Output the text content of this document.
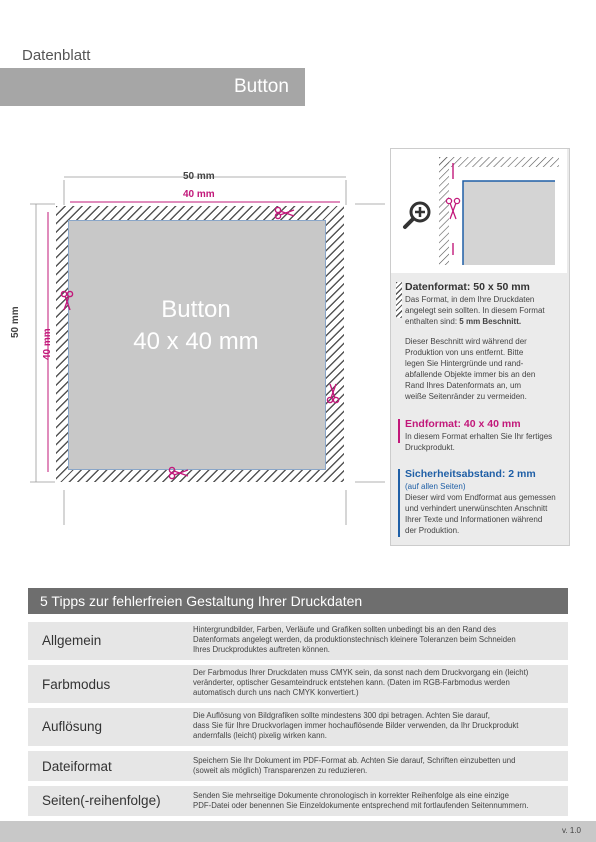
Datenblatt
Button
50 mm
40 mm
50 mm
40 mm
Button
40 x 40 mm
Datenformat: 50 x 50 mm
Das Format, in dem Ihre Druckdaten
angelegt sein sollten. In diesem Format
enthalten sind: 5 mm Beschnitt.
Dieser Beschnitt wird während der
Produktion von uns entfernt. Bitte
legen Sie Hintergründe und rand-
abfallende Objekte immer bis an den
Rand Ihres Datenformats an, um
weiße Seitenränder zu vermeiden.
Endformat: 40 x 40 mm
In diesem Format erhalten Sie Ihr fertiges
Druckprodukt.
Sicherheitsabstand: 2 mm
(auf allen Seiten)
Dieser wird vom Endformat aus gemessen
und verhindert unerwünschten Anschnitt
Ihrer Texte und Informationen während
der Produktion.
5 Tipps zur fehlerfreien Gestaltung Ihrer Druckdaten
Allgemein
Hintergrundbilder, Farben, Verläufe und Grafiken sollten unbedingt bis an den Rand des
Datenformats angelegt werden, da produktionstechnisch kleinere Toleranzen beim Schneiden
Ihres Druckproduktes auftreten können.
Farbmodus
Der Farbmodus Ihrer Druckdaten muss CMYK sein, da sonst nach dem Druckvorgang ein (leicht)
veränderter, optischer Gesamteindruck entstehen kann. (Daten im RGB-Farbmodus werden
automatisch durch uns nach CMYK konvertiert.)
Auflösung
Die Auflösung von Bildgrafiken sollte mindestens 300 dpi betragen. Achten Sie darauf,
dass Sie für Ihre Druckvorlagen immer hochauflösende Bilder verwenden, da Ihr Druckprodukt
andernfalls (leicht) pixelig wirken kann.
Dateiformat	Speichern Sie Ihr Dokument im PDF-Format ab. Achten Sie darauf, Schriften einzubetten und
(soweit als möglich) Transparenzen zu reduzieren.
Seiten(-reihenfolge)	Senden Sie mehrseitige Dokumente chronologisch in korrekter Reihenfolge als eine einzige
PDF-Datei oder benennen Sie Einzeldokumente entsprechend mit fortlaufenden Seitennummern.
v. 1.0
